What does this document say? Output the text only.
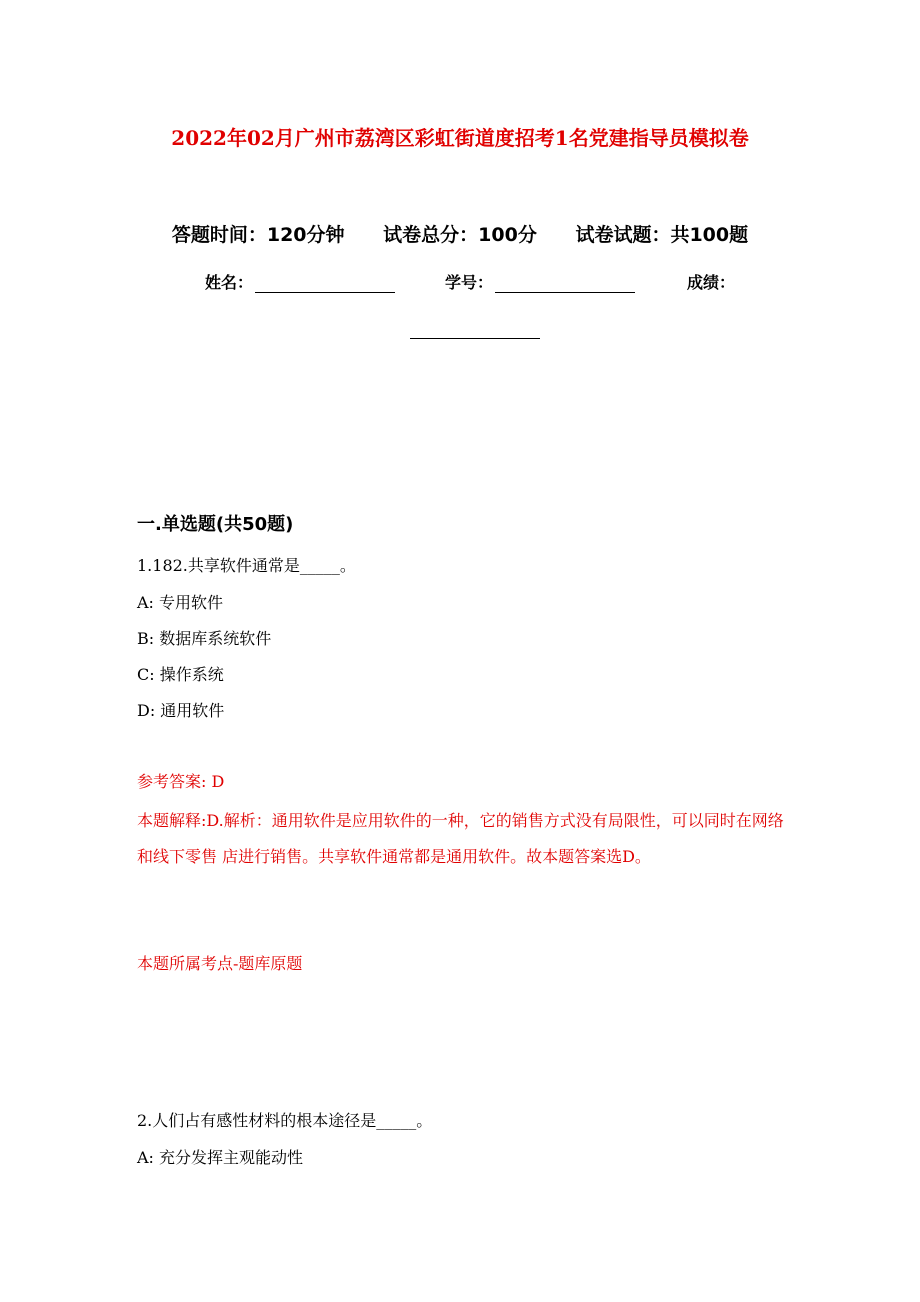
2022年02月广州市荔湾区彩虹街道度招考1名党建指导员模拟卷
答题时间：120分钟 试卷总分：100分 试卷试题：共100题
姓名：	学号：	成绩：
一.单选题(共50题)
1.182.共享软件通常是_____。
A: 专用软件
B: 数据库系统软件
C: 操作系统
D: 通用软件
参考答案: D
本题解释:D.解析：通用软件是应用软件的一种，它的销售方式没有局限性，可以同时在网络和线下零售 店进行销售。共享软件通常都是通用软件。故本题答案选D。
本题所属考点-题库原题
2.人们占有感性材料的根本途径是_____。
A: 充分发挥主观能动性
